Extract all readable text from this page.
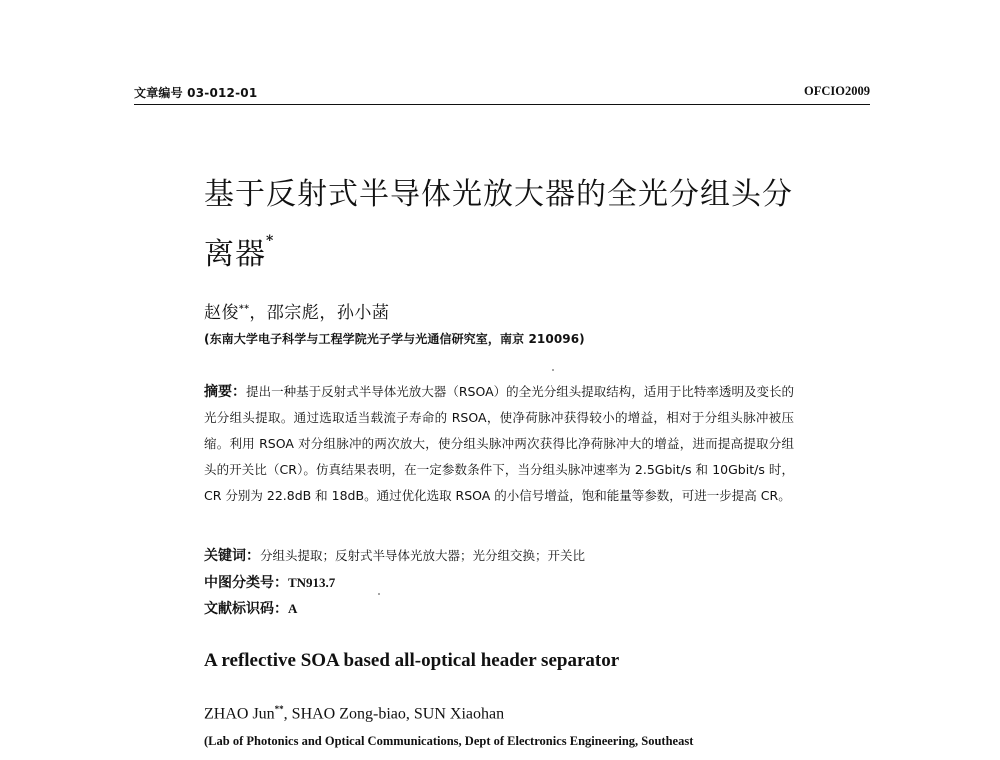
文章编号 03-012-01	OFCIO2009
基于反射式半导体光放大器的全光分组头分
离器*
赵俊**，邵宗彪，孙小菡
(东南大学电子科学与工程学院光子学与光通信研究室，南京 210096)

摘要：提出一种基于反射式半导体光放大器（RSOA）的全光分组头提取结构，适用于比特率透明及变长的光分组头提取。通过选取适当载流子寿命的 RSOA，使净荷脉冲获得较小的增益，相对于分组头脉冲被压缩。利用 RSOA 对分组脉冲的两次放大，使分组头脉冲两次获得比净荷脉冲大的增益，进而提高提取分组头的开关比（CR）。仿真结果表明，在一定参数条件下，当分组头脉冲速率为 2.5Gbit/s 和 10Gbit/s 时，CR 分别为 22.8dB 和 18dB。通过优化选取 RSOA 的小信号增益，饱和能量等参数，可进一步提高 CR。

关键词：分组头提取；反射式半导体光放大器；光分组交换；开关比
中图分类号：TN913.7
文献标识码：A
A reflective SOA based all-optical header separator
ZHAO Jun**, SHAO Zong-biao, SUN Xiaohan
(Lab of Photonics and Optical Communications, Dept of Electronics Engineering, Southeast
